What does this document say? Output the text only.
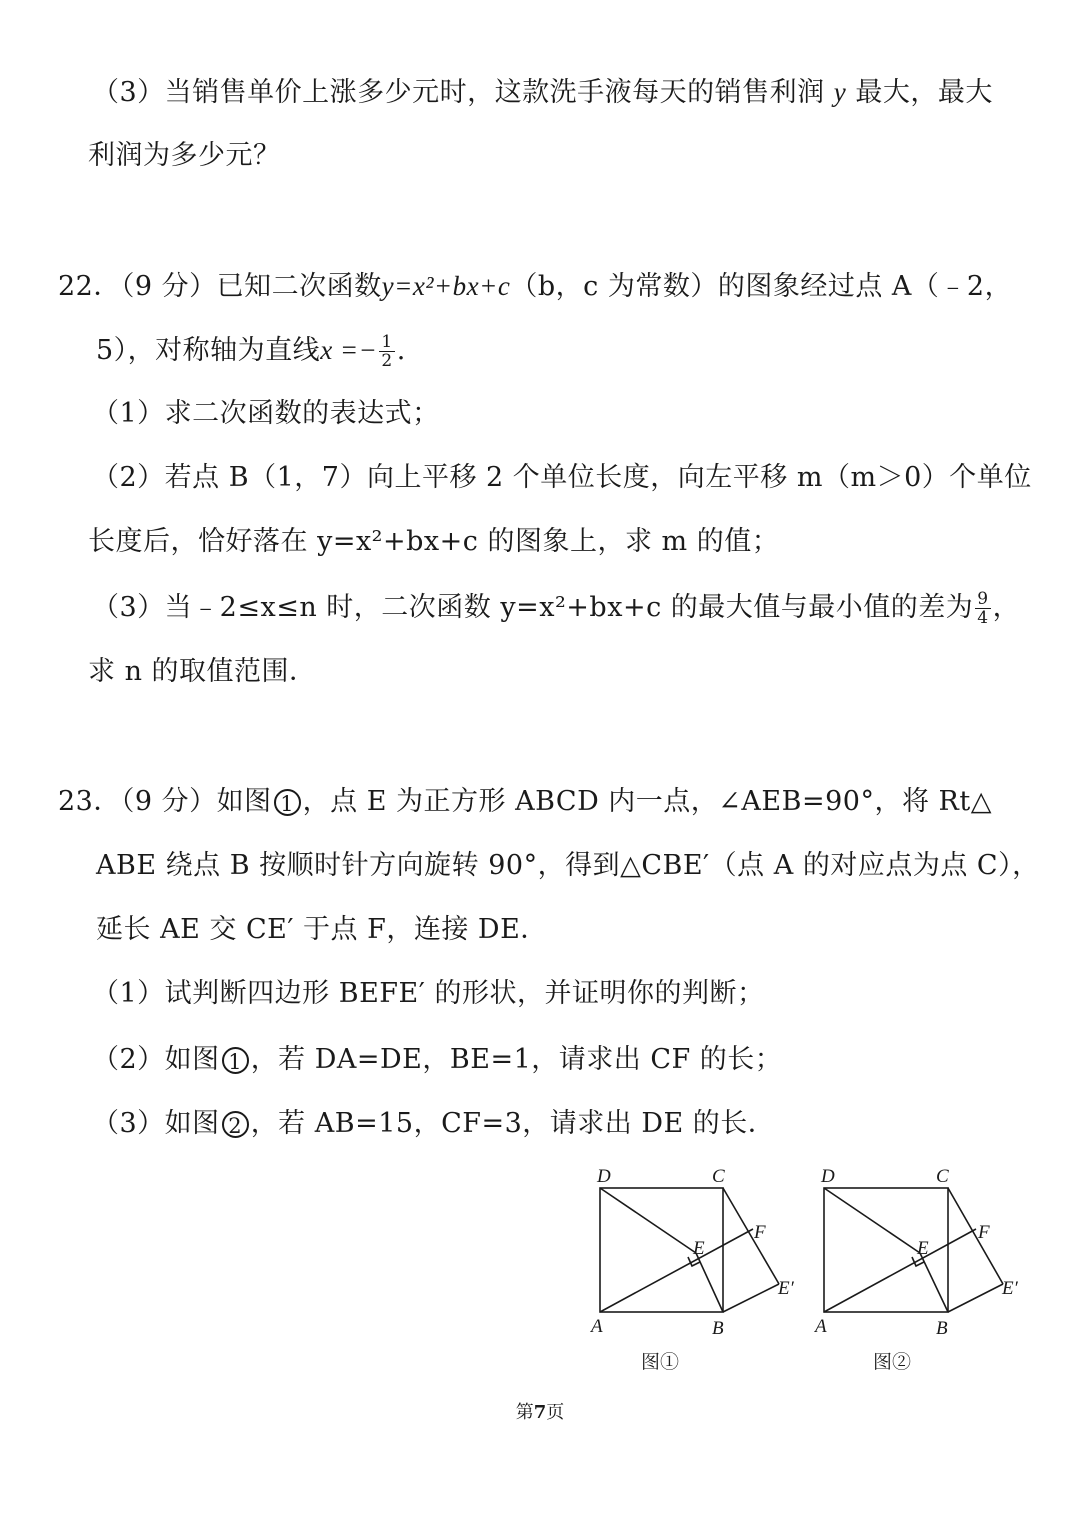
（3）当销售单价上涨多少元时，这款洗手液每天的销售利润 y 最大，最大
利润为多少元？
22．（9 分）已知二次函数y=x²+bx+c（b，c 为常数）的图象经过点 A（﹣2，
5），对称轴为直线$x =- \frac{1}{2}$ .
（1）求二次函数的表达式；
（2）若点 B（1，7）向上平移 2 个单位长度，向左平移 m（m＞0）个单位
长度后，恰好落在 y=x²+bx+c 的图象上，求 m 的值；
（3）当﹣2≤x≤n 时，二次函数 y=x²+bx+c 的最大值与最小值的差为 $\frac{9}{4}$ ，
求 n 的取值范围．
23．（9 分）如图 1 ，点 E 为正方形 ABCD 内一点，∠AEB=90°，将 Rt△
ABE 绕点 B 按顺时针方向旋转 90°，得到△CBE′（点 A 的对应点为点 C），
延长 AE 交 CE′ 于点 F，连接 DE．
（1）试判断四边形 BEFE′ 的形状，并证明你的判断；
（2）如图 1 ，若 DA=DE，BE=1，请求出 CF 的长；
（3）如图 2 ，若 AB=15，CF=3，请求出 DE 的长．
D	C
A	B
E
F
E′
D	C
A	B
E
F
E′
图①	图②
第7页
